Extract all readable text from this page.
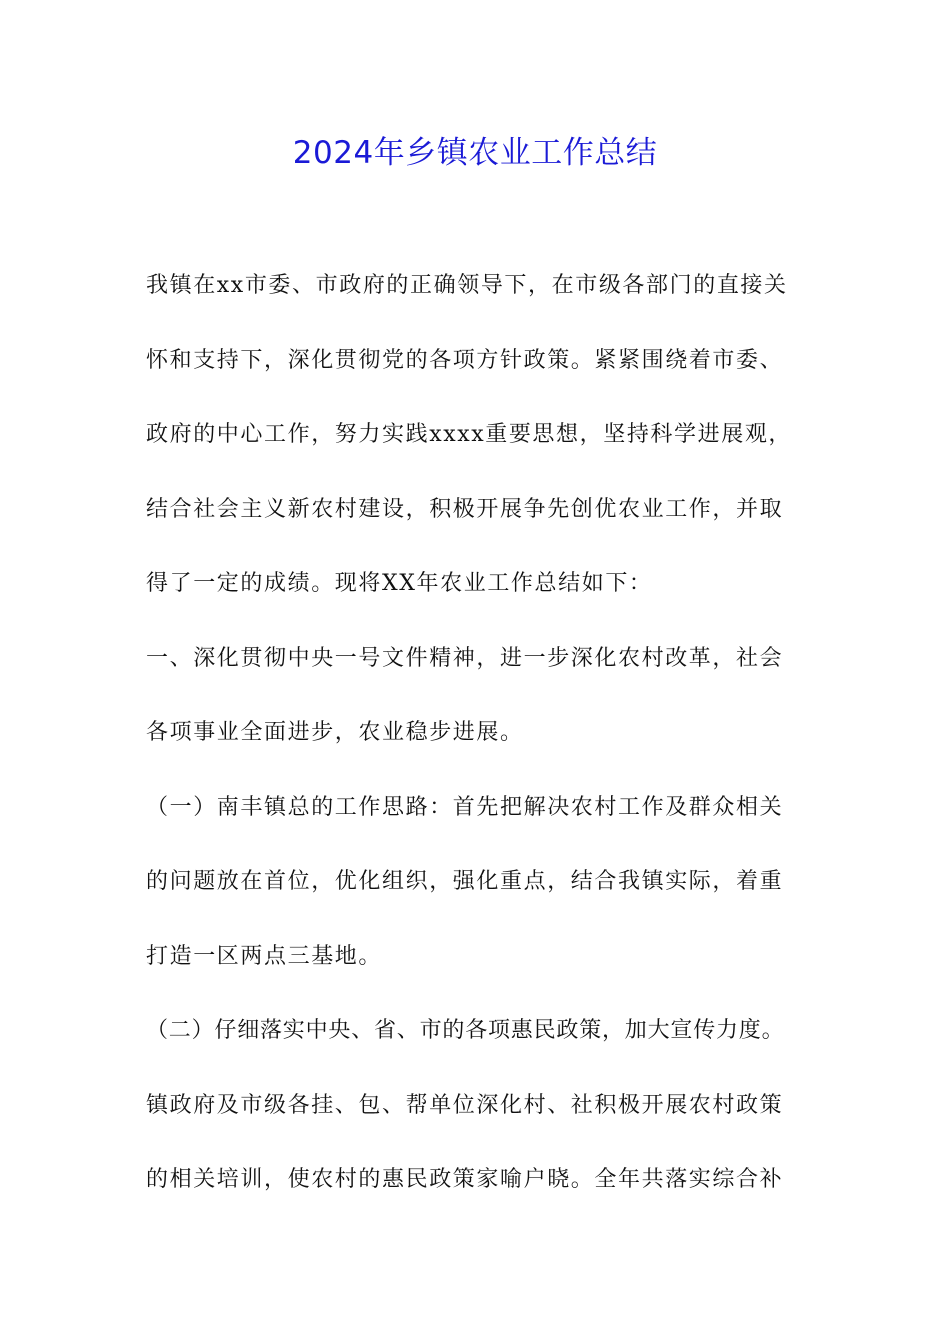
2024年乡镇农业工作总结
我镇在xx市委、市政府的正确领导下，在市级各部门的直接关
怀和支持下，深化贯彻党的各项方针政策。紧紧围绕着市委、
政府的中心工作，努力实践xxxx重要思想，坚持科学进展观，
结合社会主义新农村建设，积极开展争先创优农业工作，并取
得了一定的成绩。现将XX年农业工作总结如下：
一、深化贯彻中央一号文件精神，进一步深化农村改革，社会
各项事业全面进步，农业稳步进展。
（一）南丰镇总的工作思路：首先把解决农村工作及群众相关
的问题放在首位，优化组织，强化重点，结合我镇实际，着重
打造一区两点三基地。
（二）仔细落实中央、省、市的各项惠民政策，加大宣传力度。
镇政府及市级各挂、包、帮单位深化村、社积极开展农村政策
的相关培训，使农村的惠民政策家喻户晓。全年共落实综合补
